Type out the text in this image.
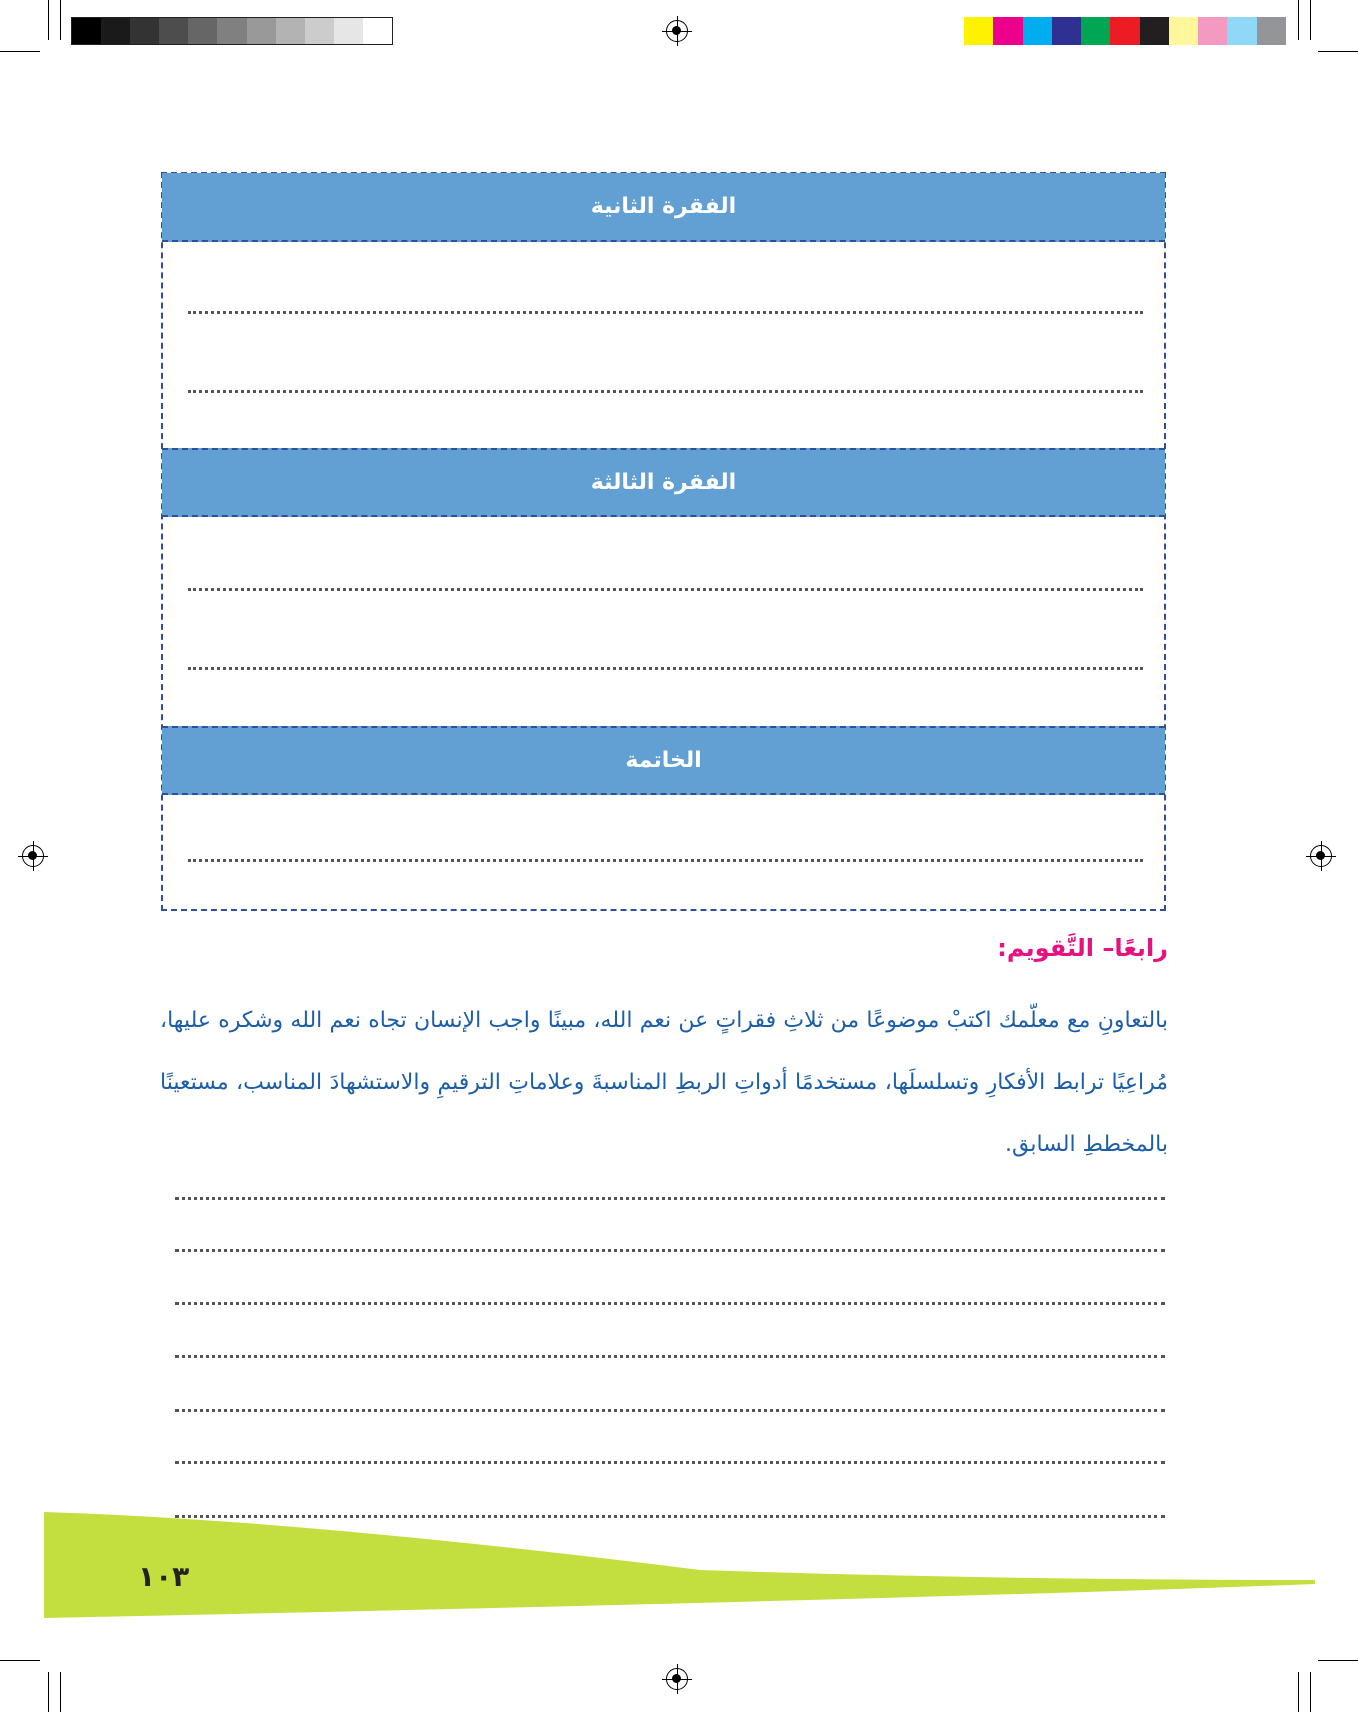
الفقرة الثانية
الفقرة الثالثة
الخاتمة
رابعًا– التَّقويم:
بالتعاونِ مع معلّمك اكتبْ موضوعًا من ثلاثِ فقراتٍ عن نعم الله، مبينًا واجب الإنسان تجاه نعم الله وشكره عليها، مُراعِيًا ترابط الأفكارِ وتسلسلَها، مستخدمًا أدواتِ الربطِ المناسبةَ وعلاماتِ الترقيمِ والاستشهادَ المناسب، مستعينًا بالمخططِ السابق.
١٠٣
